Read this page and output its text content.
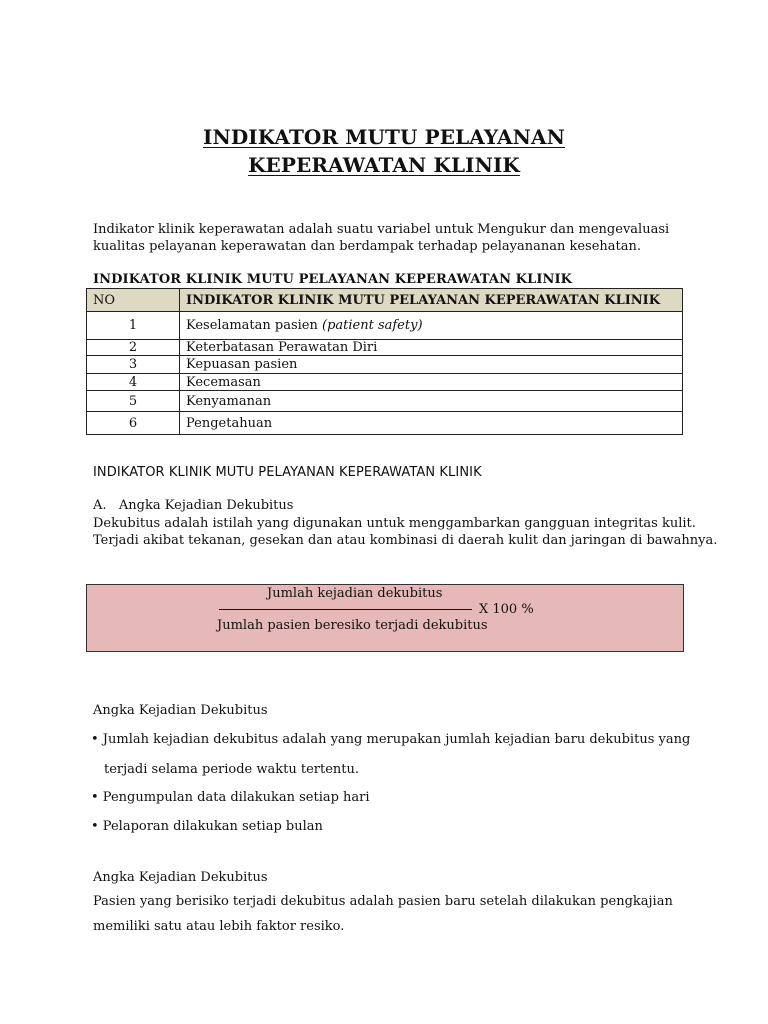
INDIKATOR MUTU PELAYANAN
KEPERAWATAN KLINIK
Indikator klinik keperawatan adalah suatu variabel untuk Mengukur dan mengevaluasi
kualitas pelayanan keperawatan dan berdampak terhadap pelayananan kesehatan.
INDIKATOR KLINIK MUTU PELAYANAN KEPERAWATAN KLINIK
NO	INDIKATOR KLINIK MUTU PELAYANAN KEPERAWATAN KLINIK
1	Keselamatan pasien (patient safety)
2	Keterbatasan Perawatan Diri
3	Kepuasan pasien
4	Kecemasan
5	Kenyamanan
6	Pengetahuan
INDIKATOR KLINIK MUTU PELAYANAN KEPERAWATAN KLINIK
A.   Angka Kejadian Dekubitus
Dekubitus adalah istilah yang digunakan untuk menggambarkan gangguan integritas kulit.
Terjadi akibat tekanan, gesekan dan atau kombinasi di daerah kulit dan jaringan di bawahnya.
Jumlah kejadian dekubitus
X 100 %
Jumlah pasien beresiko terjadi dekubitus
Angka Kejadian Dekubitus
• Jumlah kejadian dekubitus adalah yang merupakan jumlah kejadian baru dekubitus yang
terjadi selama periode waktu tertentu.
• Pengumpulan data dilakukan setiap hari
• Pelaporan dilakukan setiap bulan
Angka Kejadian Dekubitus
Pasien yang berisiko terjadi dekubitus adalah pasien baru setelah dilakukan pengkajian
memiliki satu atau lebih faktor resiko.
